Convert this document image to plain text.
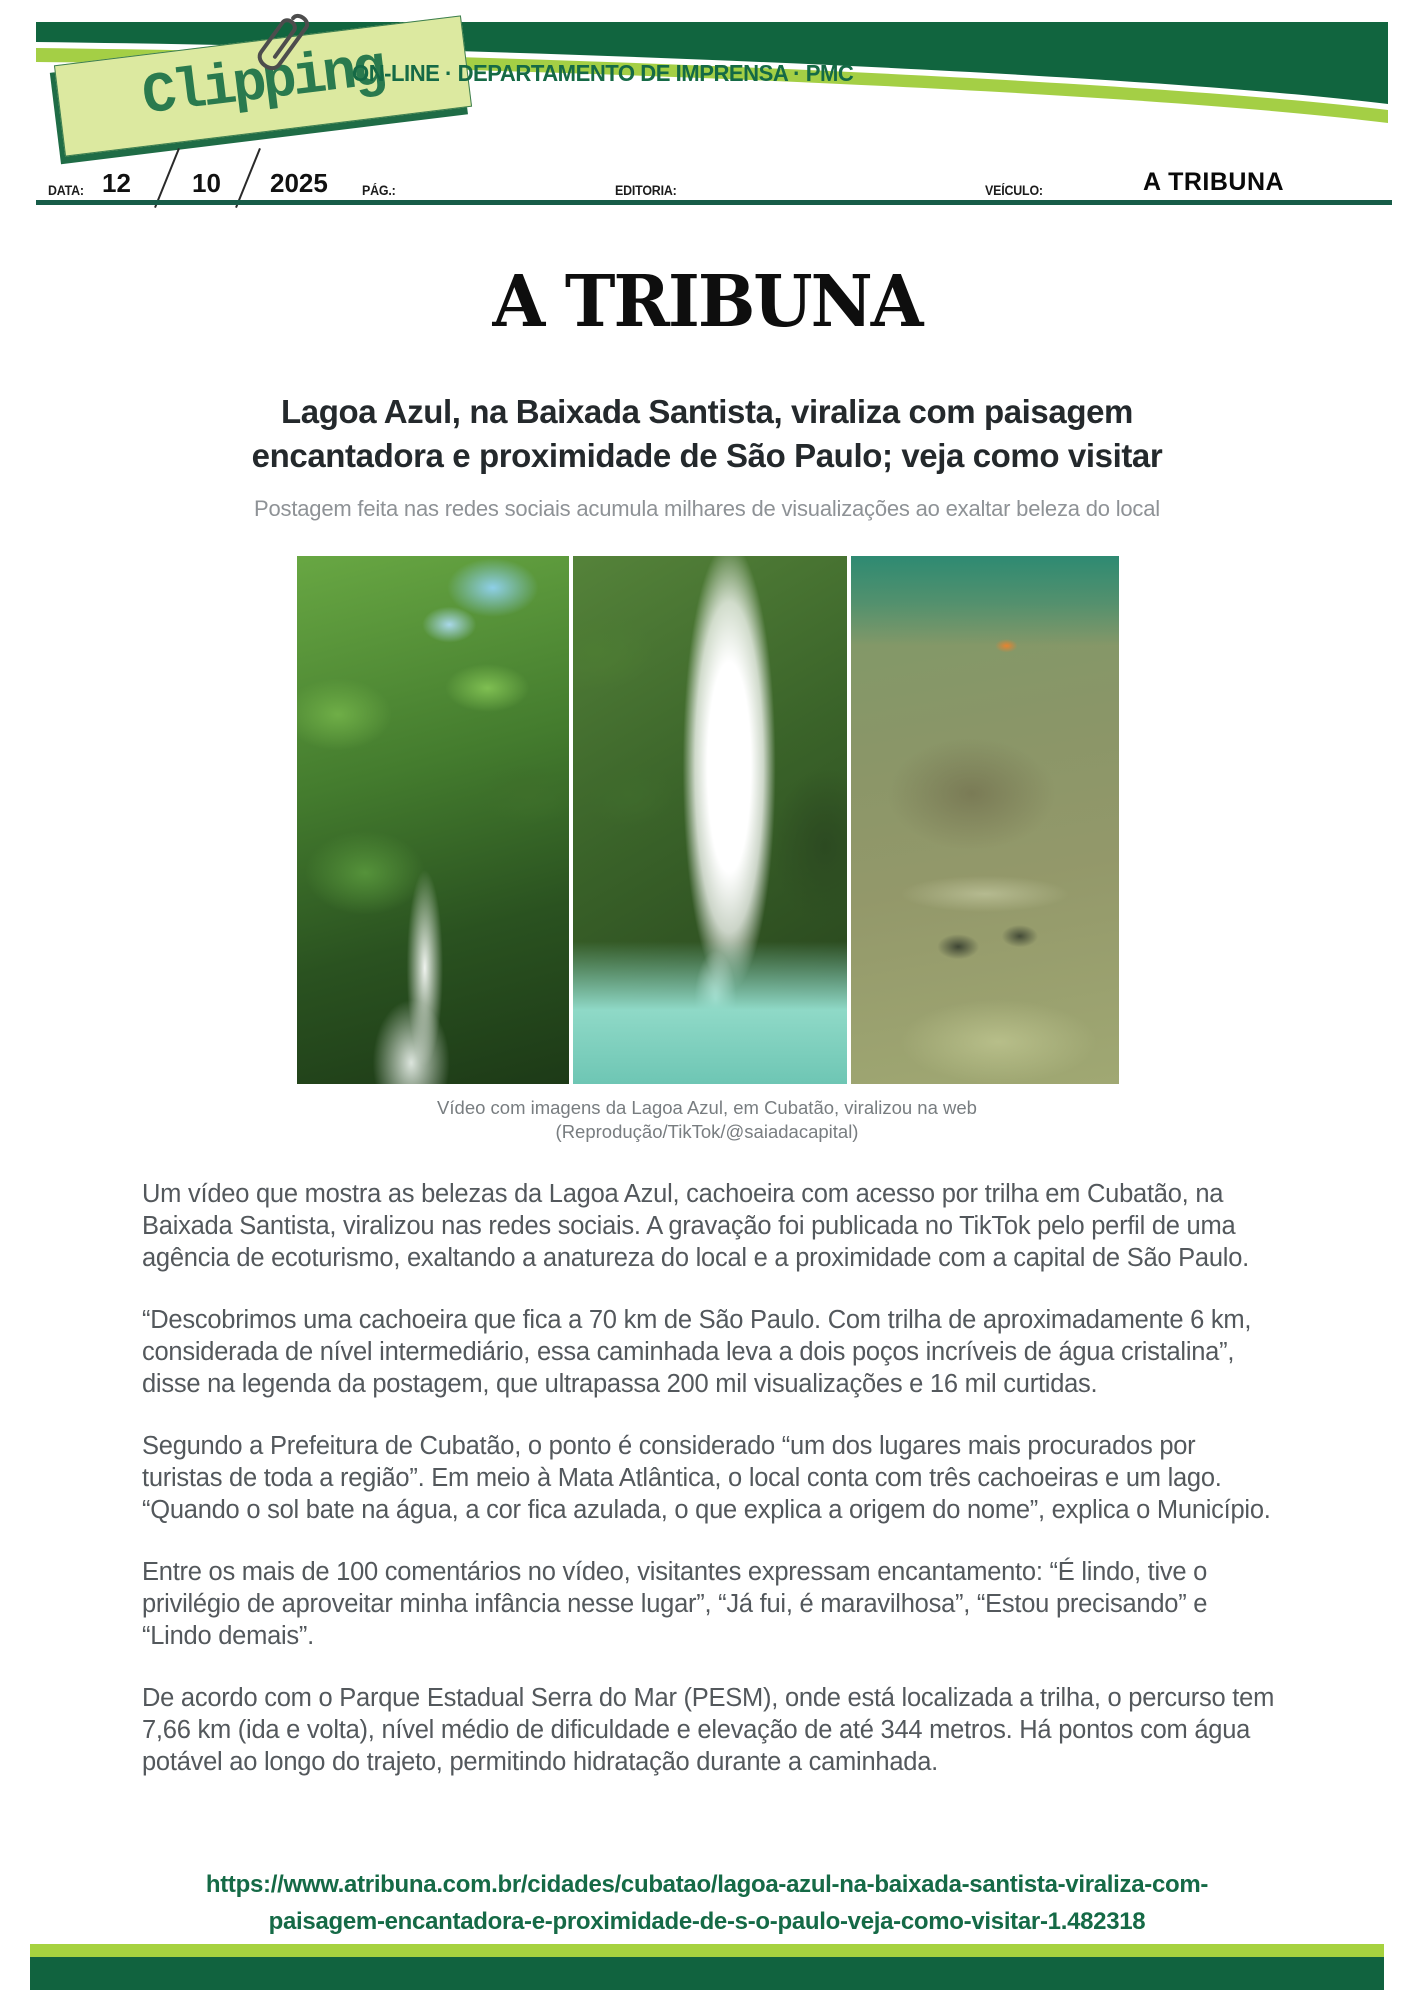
Clipping
ON-LINE · DEPARTAMENTO DE IMPRENSA · PMC
DATA: 12 10 2025	PÁG.:	EDITORIA:	VEÍCULO:	A TRIBUNA
A TRIBUNA
Lagoa Azul, na Baixada Santista, viraliza com paisagem encantadora e proximidade de São Paulo; veja como visitar
Postagem feita nas redes sociais acumula milhares de visualizações ao exaltar beleza do local
Vídeo com imagens da Lagoa Azul, em Cubatão, viralizou na web
(Reprodução/TikTok/@saiadacapital)

Um vídeo que mostra as belezas da Lagoa Azul, cachoeira com acesso por trilha em Cubatão, na Baixada Santista, viralizou nas redes sociais. A gravação foi publicada no TikTok pelo perfil de uma agência de ecoturismo, exaltando a anatureza do local e a proximidade com a capital de São Paulo.

“Descobrimos uma cachoeira que fica a 70 km de São Paulo. Com trilha de aproximadamente 6 km, considerada de nível intermediário, essa caminhada leva a dois poços incríveis de água cristalina”, disse na legenda da postagem, que ultrapassa 200 mil visualizações e 16 mil curtidas.

Segundo a Prefeitura de Cubatão, o ponto é considerado “um dos lugares mais procurados por turistas de toda a região”. Em meio à Mata Atlântica, o local conta com três cachoeiras e um lago. “Quando o sol bate na água, a cor fica azulada, o que explica a origem do nome”, explica o Município.

Entre os mais de 100 comentários no vídeo, visitantes expressam encantamento: “É lindo, tive o privilégio de aproveitar minha infância nesse lugar”, “Já fui, é maravilhosa”, “Estou precisando” e “Lindo demais”.

De acordo com o Parque Estadual Serra do Mar (PESM), onde está localizada a trilha, o percurso tem 7,66 km (ida e volta), nível médio de dificuldade e elevação de até 344 metros. Há pontos com água potável ao longo do trajeto, permitindo hidratação durante a caminhada.

https://www.atribuna.com.br/cidades/cubatao/lagoa-azul-na-baixada-santista-viraliza-com-
paisagem-encantadora-e-proximidade-de-s-o-paulo-veja-como-visitar-1.482318
